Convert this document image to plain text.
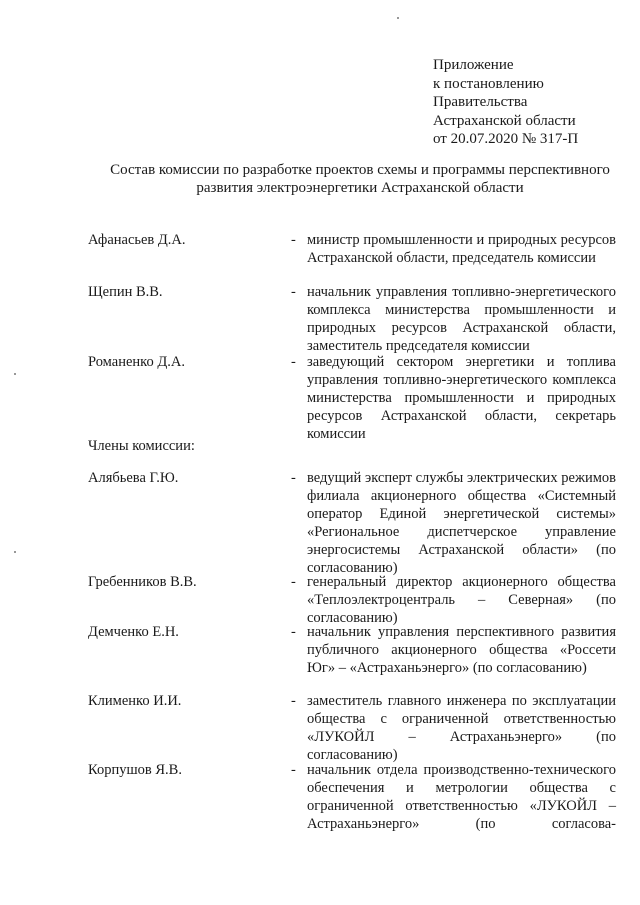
Приложение
к постановлению
Правительства
Астраханской области
от 20.07.2020 № 317-П
Состав комиссии по разработке проектов схемы и программы перспективного
развития электроэнергетики Астраханской области
Афанасьев Д.А.	- министр промышленности и природных ресурсов Астраханской области, председатель комиссии
Щепин В.В.	- начальник управления топливно-энергетического комплекса министерства промышленности и природных ресурсов Астраханской области, заместитель председателя комиссии
Романенко Д.А.	- заведующий сектором энергетики и топлива управления топливно-энергетического комплекса министерства промышленности и природных ресурсов Астраханской области, секретарь комиссии
Члены комиссии:
Алябьева Г.Ю.	- ведущий эксперт службы электрических режимов филиала акционерного общества «Системный оператор Единой энергетической системы» «Региональное диспетчерское управление энергосистемы Астраханской области» (по согласованию)
Гребенников В.В.	- генеральный директор акционерного общества «Теплоэлектроцентраль – Северная» (по согласованию)
Демченко Е.Н.	- начальник управления перспективного развития публичного акционерного общества «Россети Юг» – «Астраханьэнерго» (по согласованию)
Клименко И.И.	- заместитель главного инженера по эксплуатации общества с ограниченной ответственностью «ЛУКОЙЛ – Астраханьэнерго» (по согласованию)
Корпушов Я.В.	- начальник отдела производственно-технического обеспечения и метрологии общества с ограниченной ответственностью «ЛУКОЙЛ – Астраханьэнерго» (по согласова-
